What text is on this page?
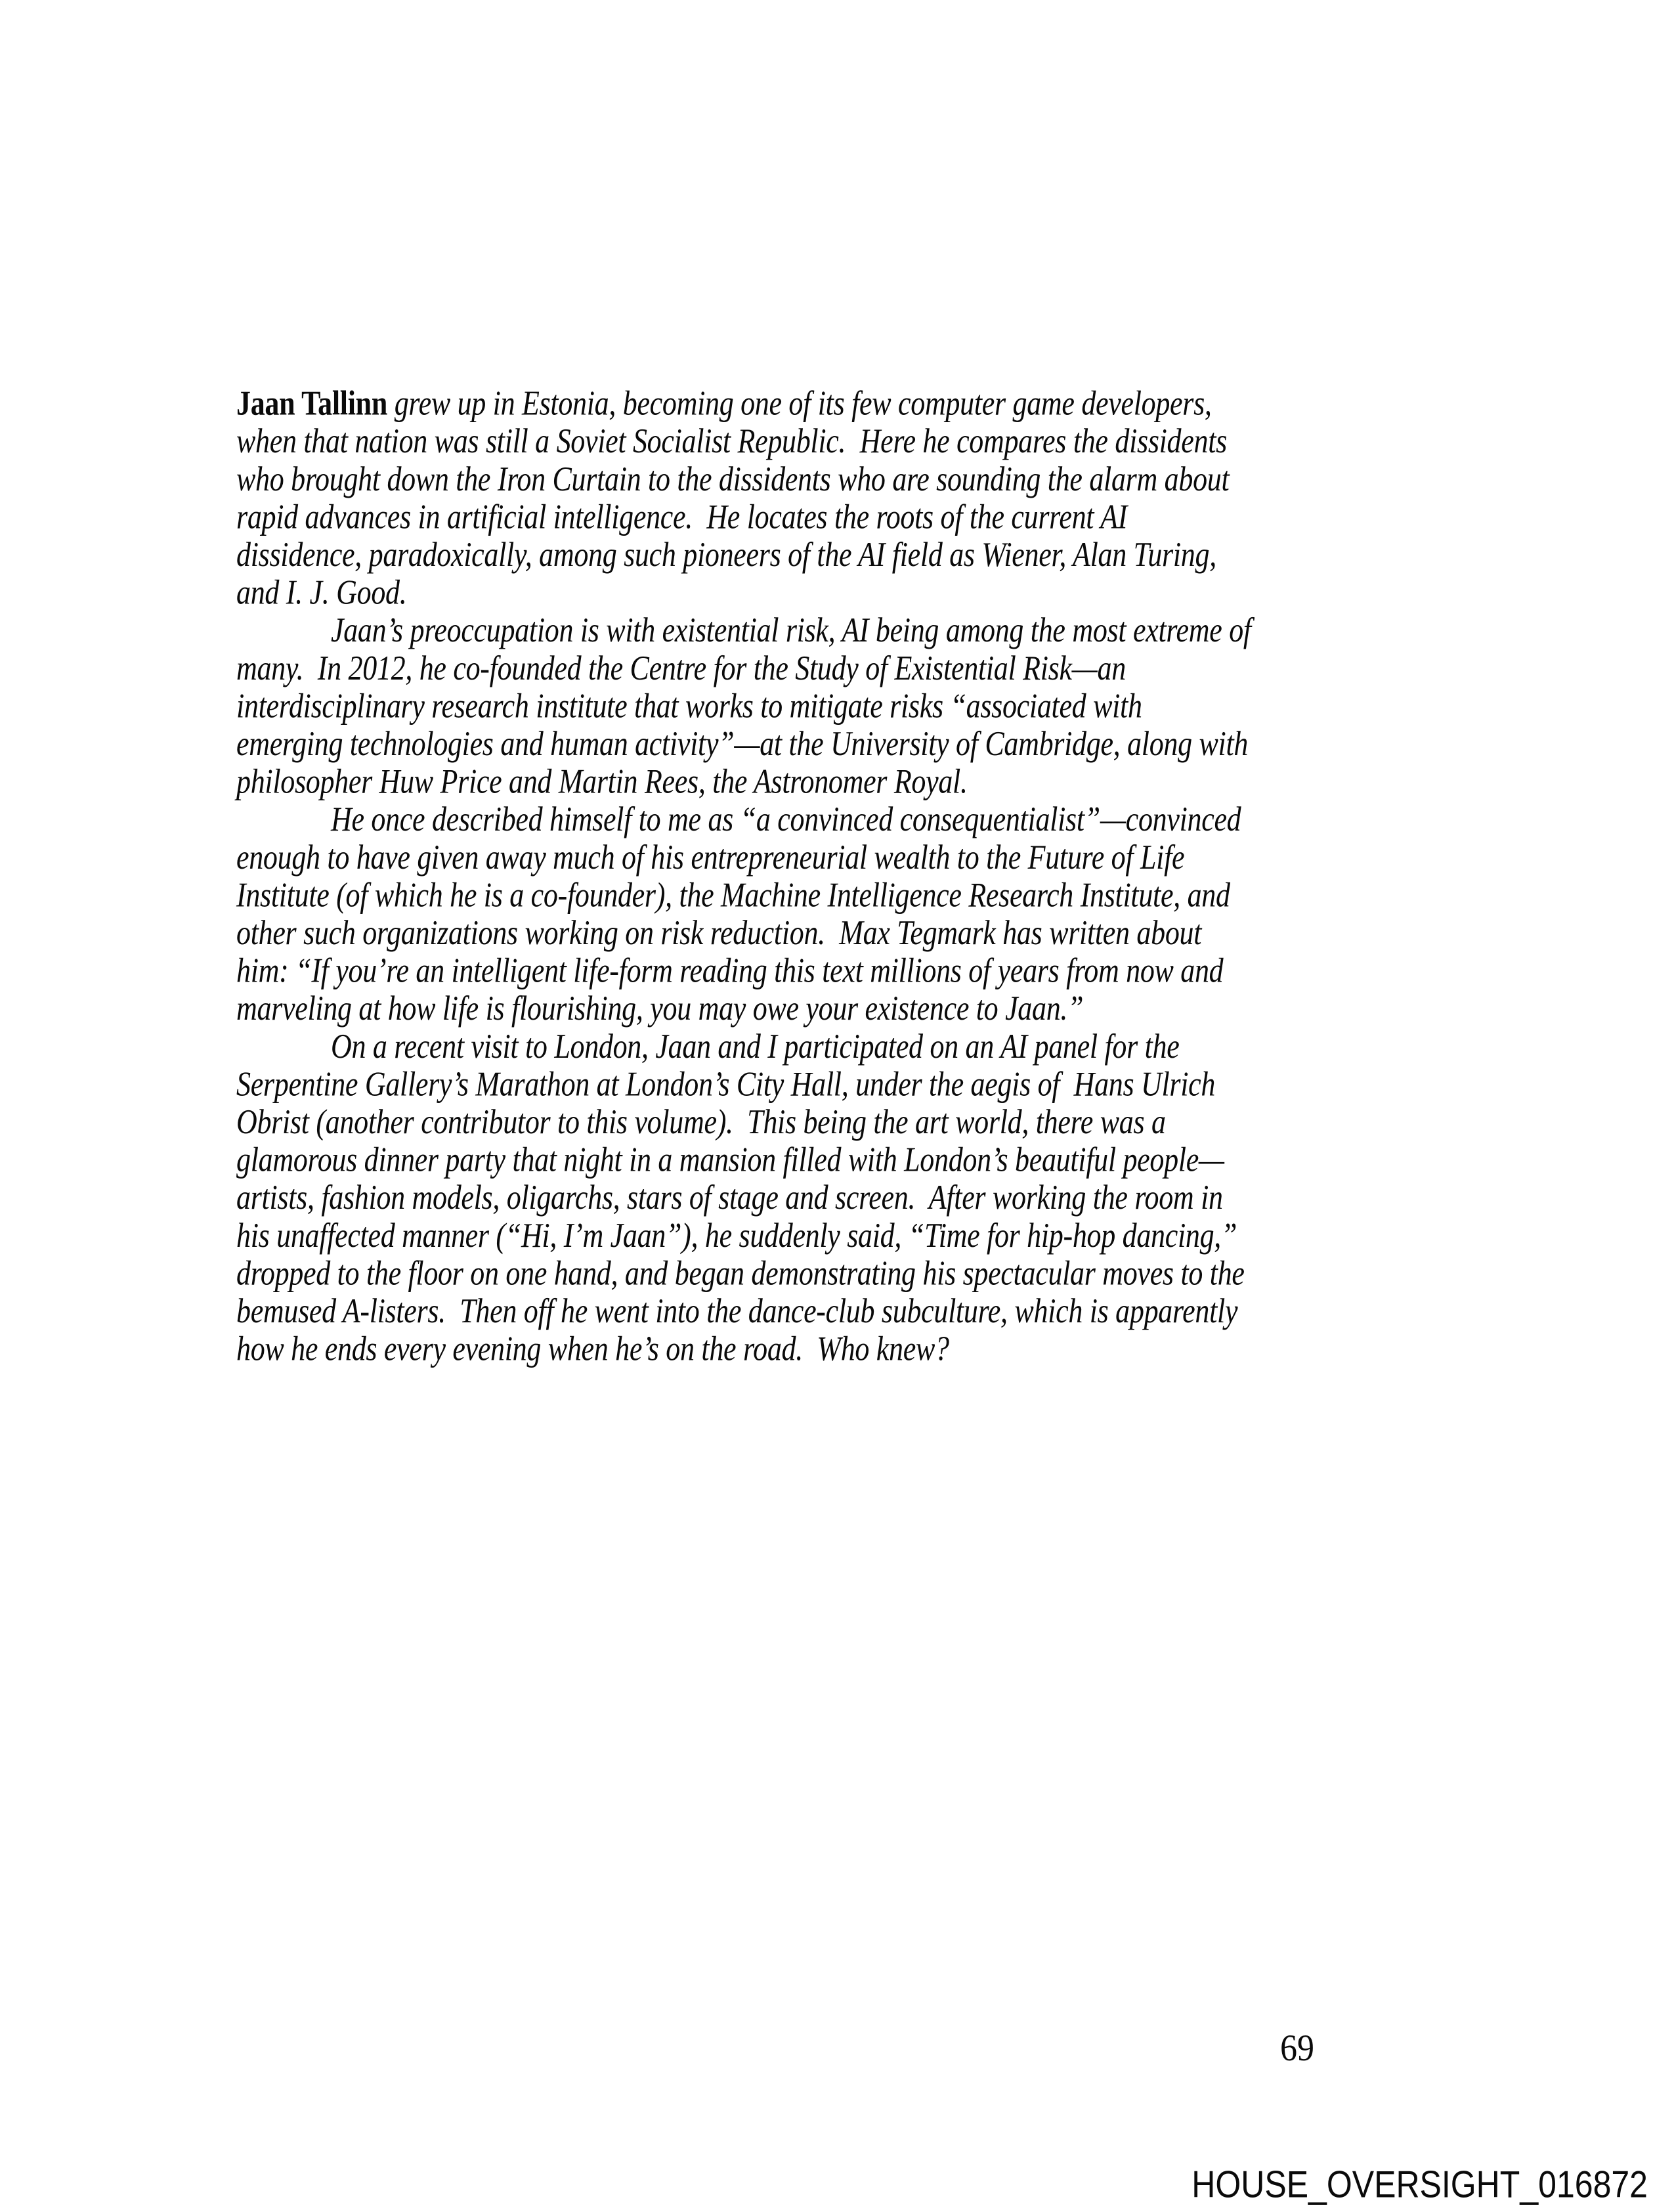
Jaan Tallinn grew up in Estonia, becoming one of its few computer game developers,
when that nation was still a Soviet Socialist Republic.  Here he compares the dissidents
who brought down the Iron Curtain to the dissidents who are sounding the alarm about
rapid advances in artificial intelligence.  He locates the roots of the current AI
dissidence, paradoxically, among such pioneers of the AI field as Wiener, Alan Turing,
and I. J. Good.
Jaan’s preoccupation is with existential risk, AI being among the most extreme of
many.  In 2012, he co-founded the Centre for the Study of Existential Risk—an
interdisciplinary research institute that works to mitigate risks “associated with
emerging technologies and human activity”—at the University of Cambridge, along with
philosopher Huw Price and Martin Rees, the Astronomer Royal.
He once described himself to me as “a convinced consequentialist”—convinced
enough to have given away much of his entrepreneurial wealth to the Future of Life
Institute (of which he is a co-founder), the Machine Intelligence Research Institute, and
other such organizations working on risk reduction.  Max Tegmark has written about
him: “If you’re an intelligent life-form reading this text millions of years from now and
marveling at how life is flourishing, you may owe your existence to Jaan.”
On a recent visit to London, Jaan and I participated on an AI panel for the
Serpentine Gallery’s Marathon at London’s City Hall, under the aegis of  Hans Ulrich
Obrist (another contributor to this volume).  This being the art world, there was a
glamorous dinner party that night in a mansion filled with London’s beautiful people—
artists, fashion models, oligarchs, stars of stage and screen.  After working the room in
his unaffected manner (“Hi, I’m Jaan”), he suddenly said, “Time for hip-hop dancing,”
dropped to the floor on one hand, and began demonstrating his spectacular moves to the
bemused A-listers.  Then off he went into the dance-club subculture, which is apparently
how he ends every evening when he’s on the road.  Who knew?
69
HOUSE_OVERSIGHT_016872
